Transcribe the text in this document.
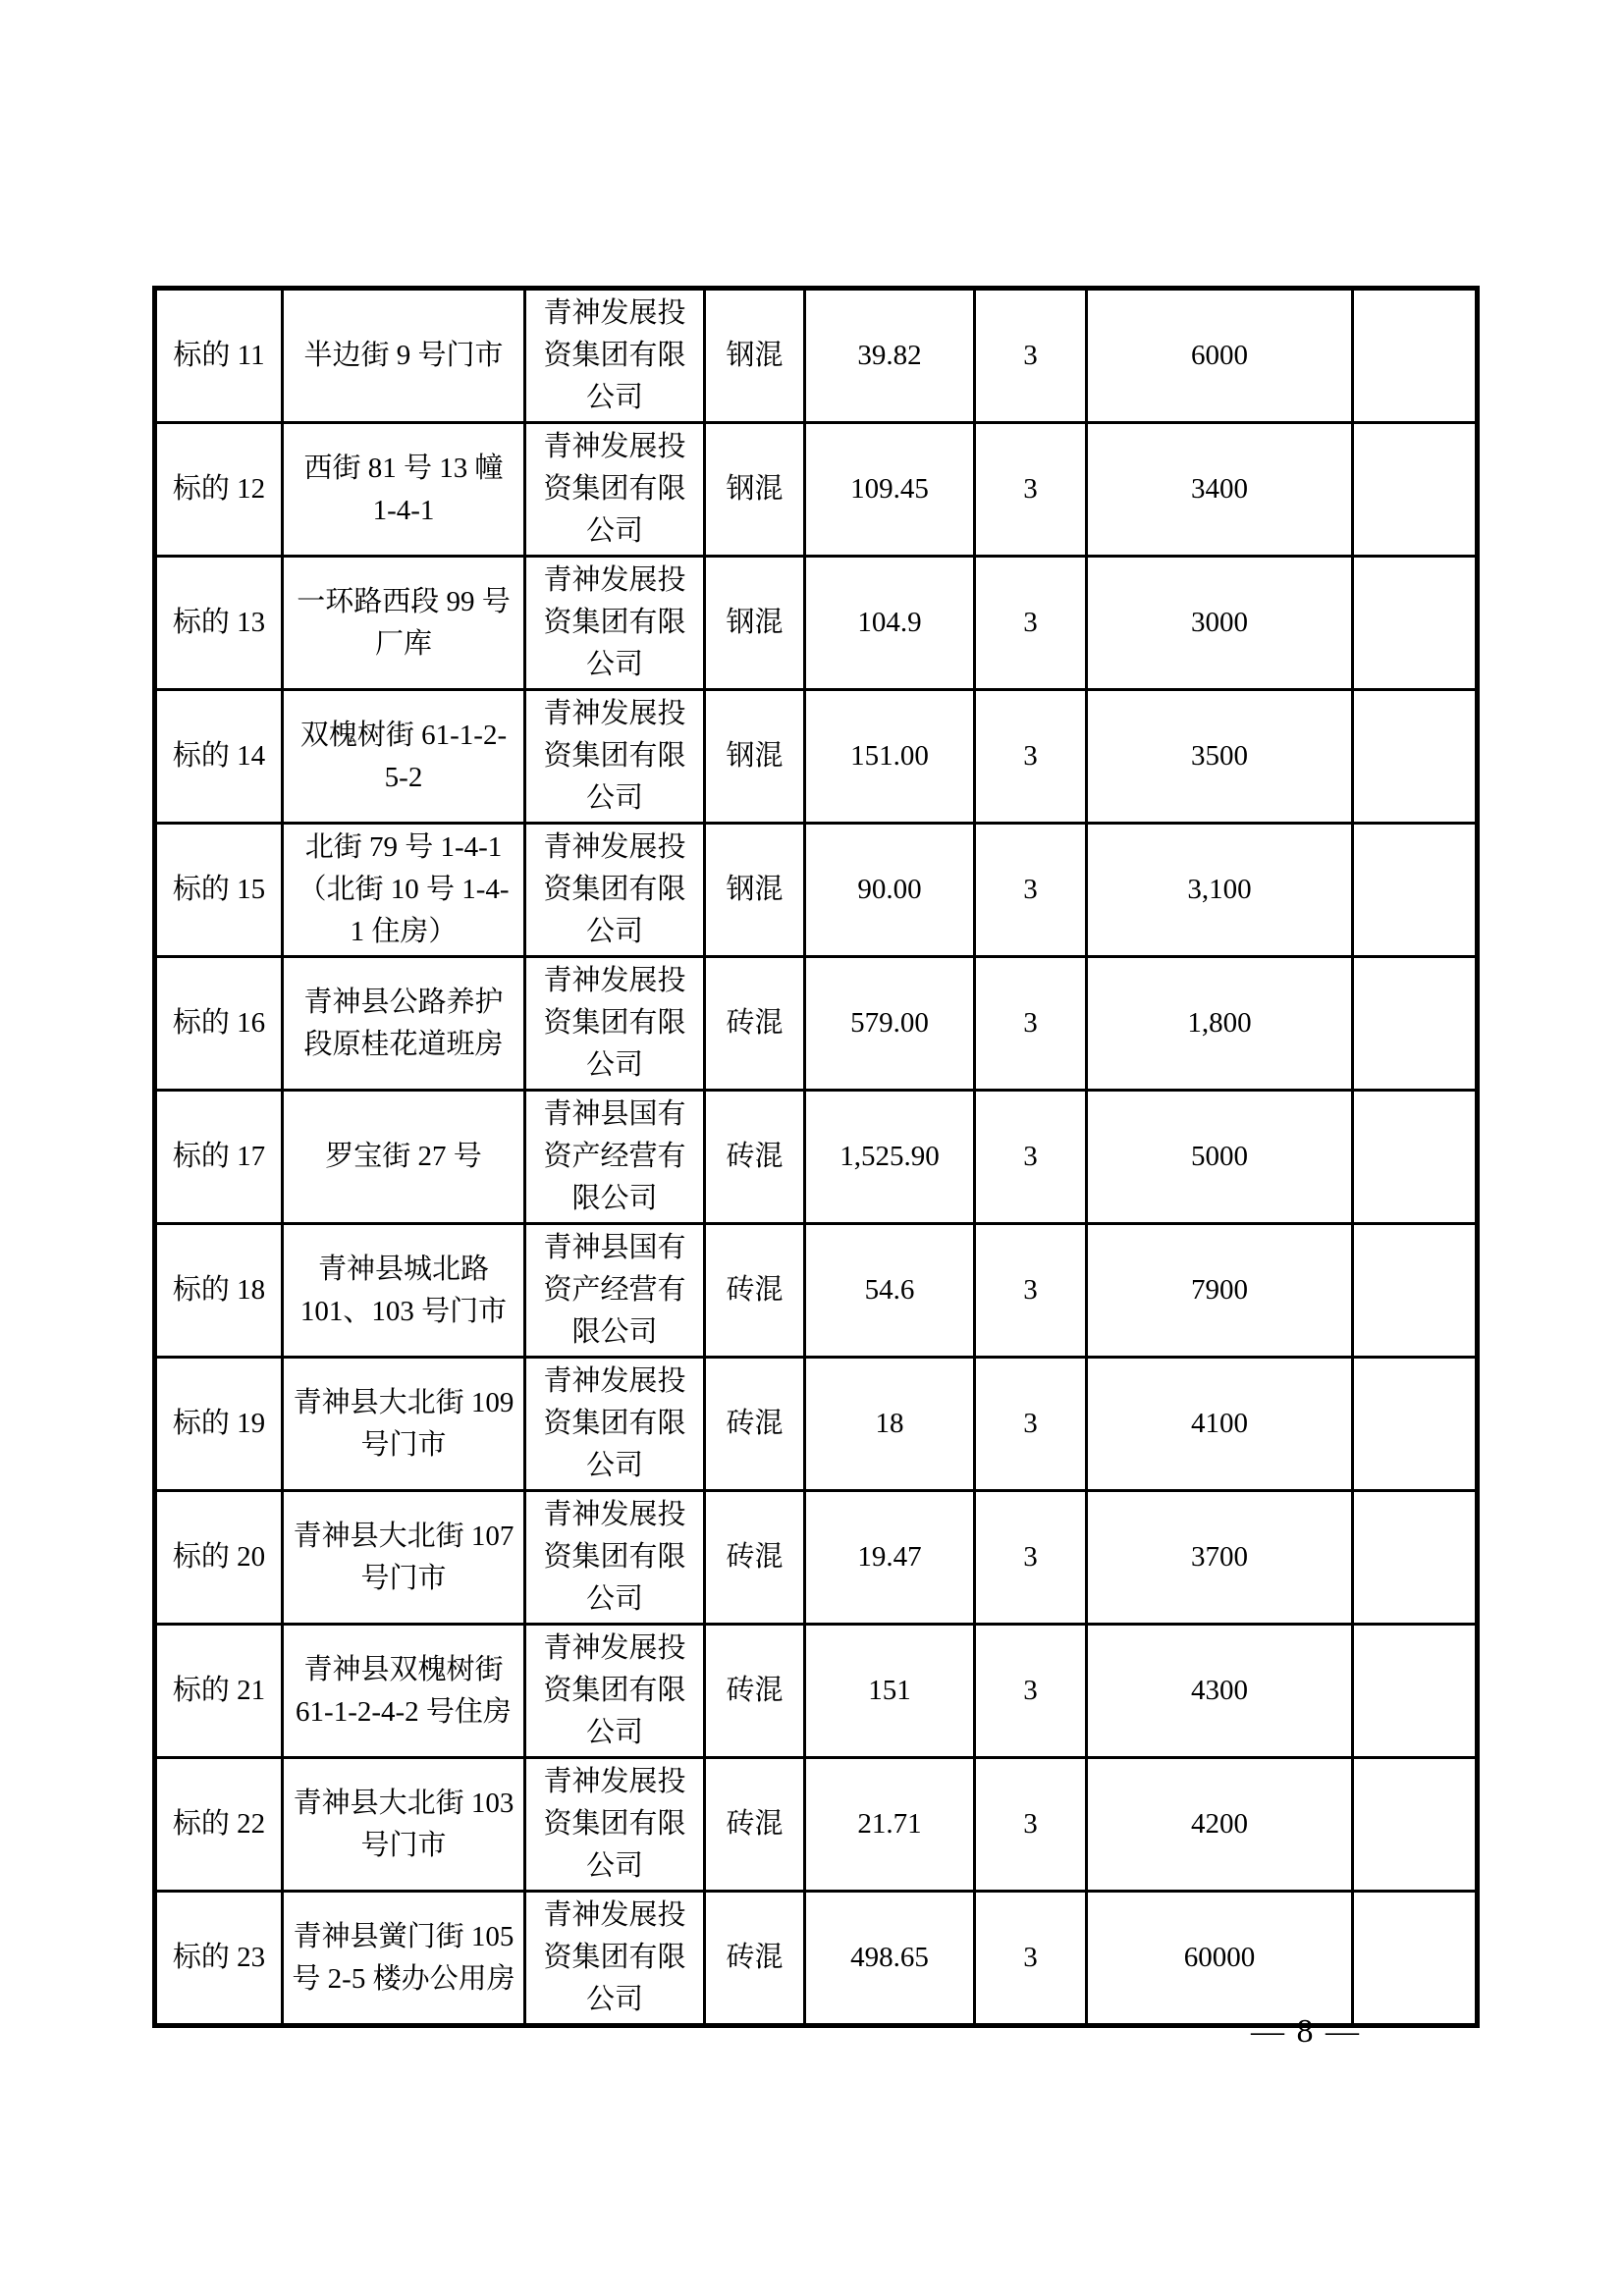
标的 11	半边街 9 号门市	青神发展投资集团有限公司	钢混	39.82	3	6000	
标的 12	西街 81 号 13 幢 1-4-1	青神发展投资集团有限公司	钢混	109.45	3	3400	
标的 13	一环路西段 99 号 厂库	青神发展投资集团有限公司	钢混	104.9	3	3000	
标的 14	双槐树街 61-1-2-5-2	青神发展投资集团有限公司	钢混	151.00	3	3500	
标的 15	北街 79 号 1-4-1 （北街 10 号 1-4-1 住房）	青神发展投资集团有限公司	钢混	90.00	3	3,100	
标的 16	青神县公路养护段原桂花道班房	青神发展投资集团有限公司	砖混	579.00	3	1,800	
标的 17	罗宝街 27 号	青神县国有资产经营有限公司	砖混	1,525.90	3	5000	
标的 18	青神县城北路 101、103 号门市	青神县国有资产经营有限公司	砖混	54.6	3	7900	
标的 19	青神县大北街 109 号门市	青神发展投资集团有限公司	砖混	18	3	4100	
标的 20	青神县大北街 107 号门市	青神发展投资集团有限公司	砖混	19.47	3	3700	
标的 21	青神县双槐树街 61-1-2-4-2 号住房	青神发展投资集团有限公司	砖混	151	3	4300	
标的 22	青神县大北街 103 号门市	青神发展投资集团有限公司	砖混	21.71	3	4200	
标的 23	青神县黉门街 105 号 2-5 楼办公用房	青神发展投资集团有限公司	砖混	498.65	3	60000	
— 8 —
